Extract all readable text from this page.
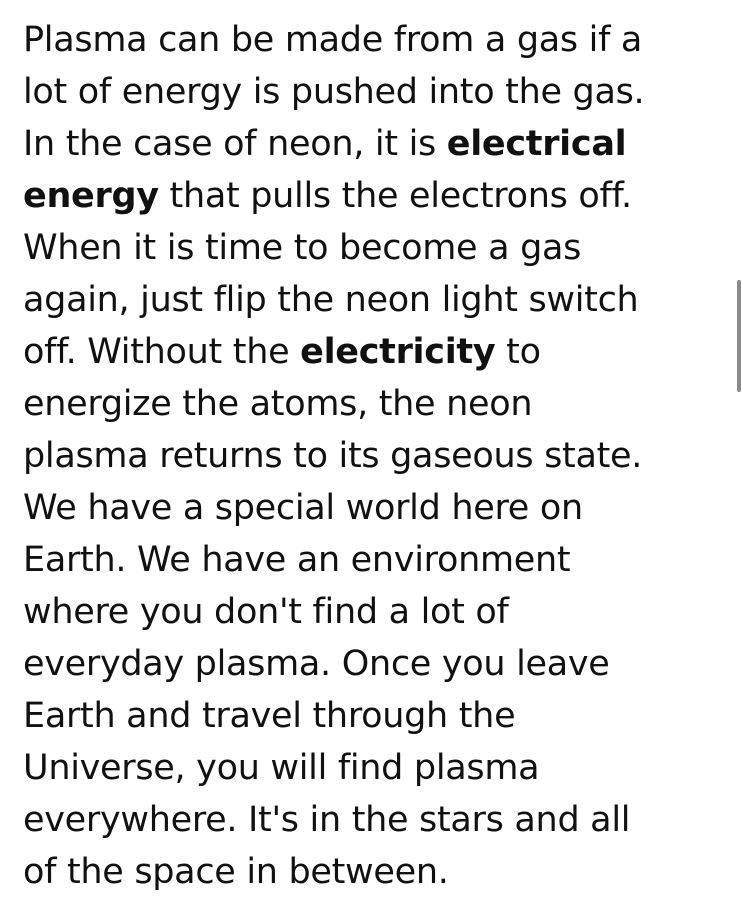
Plasma can be made from a gas if a
lot of energy is pushed into the gas.
In the case of neon, it is electrical
energy that pulls the electrons off.
When it is time to become a gas
again, just flip the neon light switch
off. Without the electricity to
energize the atoms, the neon
plasma returns to its gaseous state.
We have a special world here on
Earth. We have an environment
where you don't find a lot of
everyday plasma. Once you leave
Earth and travel through the
Universe, you will find plasma
everywhere. It's in the stars and all
of the space in between.
